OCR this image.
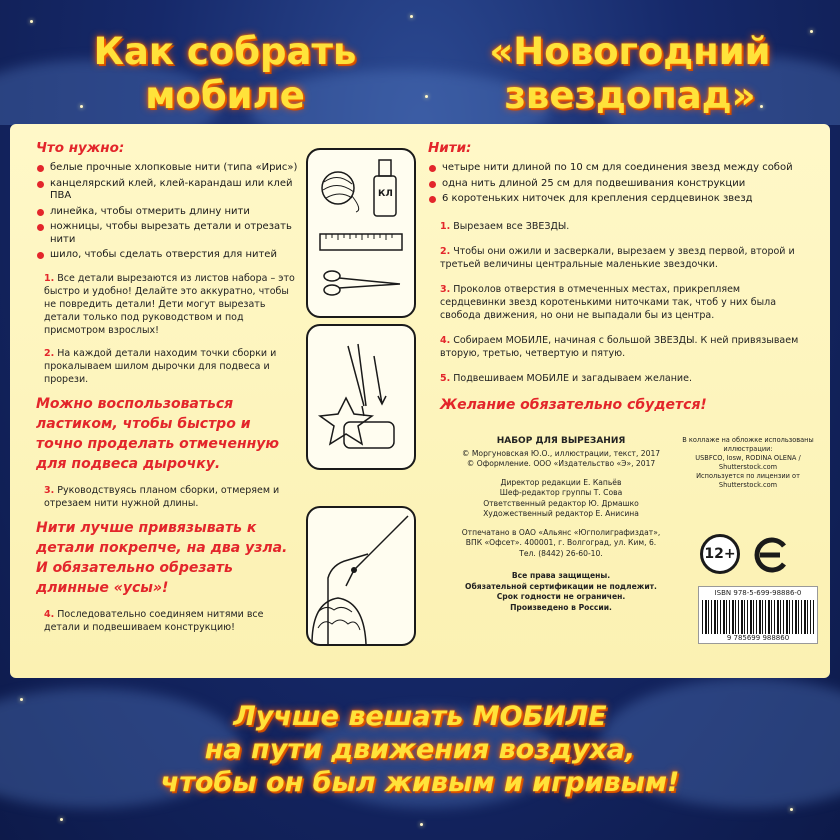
Как собрать
мобиле
«Новогодний
звездопад»
Что нужно:
белые прочные хлопковые нити (типа «Ирис»)
канцелярский клей, клей-карандаш или клей ПВА
линейка, чтобы отмерить длину нити
ножницы, чтобы вырезать детали и отрезать нити
шило, чтобы сделать отверстия для нитей

1. Все детали вырезаются из листов набора – это быстро и удобно! Делайте это аккуратно, чтобы не повредить детали! Дети могут вырезать детали только под руководством и под присмотром взрослых!

2. На каждой детали находим точки сборки и прокалываем шилом дырочки для подвеса и прорези.

Можно воспользоваться ластиком, чтобы быстро и точно проделать отмеченную для подвеса дырочку.

3. Руководствуясь планом сборки, отмеряем и отрезаем нити нужной длины.

Нити лучше привязывать к детали покрепче, на два узла. И обязательно обрезать длинные «усы»!

4. Последовательно соединяем нитями все детали и подвешиваем конструкцию!

КЛ
Нити:
четыре нити длиной по 10 см для соединения звезд между собой
одна нить длиной 25 см для подвешивания конструкции
6 коротеньких ниточек для крепления сердцевинок звезд

1. Вырезаем все ЗВЕЗДЫ.

2. Чтобы они ожили и засверкали, вырезаем у звезд первой, второй и третьей величины центральные маленькие звездочки.

3. Проколов отверстия в отмеченных местах, прикрепляем сердцевинки звезд коротенькими ниточками так, чтоб у них была свобода движения, но они не выпадали бы из центра.

4. Собираем МОБИЛЕ, начиная с большой ЗВЕЗДЫ. К ней привязываем вторую, третью, четвертую и пятую.

5. Подвешиваем МОБИЛЕ и загадываем желание.

Желание обязательно сбудется!

НАБОР ДЛЯ ВЫРЕЗАНИЯ
© Моргуновская Ю.О., иллюстрации, текст, 2017
© Оформление. ООО «Издательство «Э», 2017
Директор редакции Е. Капьёв
Шеф-редактор группы Т. Сова
Ответственный редактор Ю. Дрмашко
Художественный редактор Е. Анисина
Отпечатано в ОАО «Альянс «Югполиграфиздат»,
ВПК «Офсет». 400001, г. Волгоград, ул. Ким, 6.
Тел. (8442) 26-60-10.
Все права защищены.
Обязательной сертификации не подлежит.
Срок годности не ограничен.
Произведено в России.
В коллаже на обложке использованы иллюстрации:
USBFCO, Iosw, RODINA OLENA / Shutterstock.com
Используется по лицензии от Shutterstock.com
12+
ISBN 978-5-699-98886-0
9 785699 988860
Лучше вешать МОБИЛЕ
на пути движения воздуха,
чтобы он был живым и игривым!
